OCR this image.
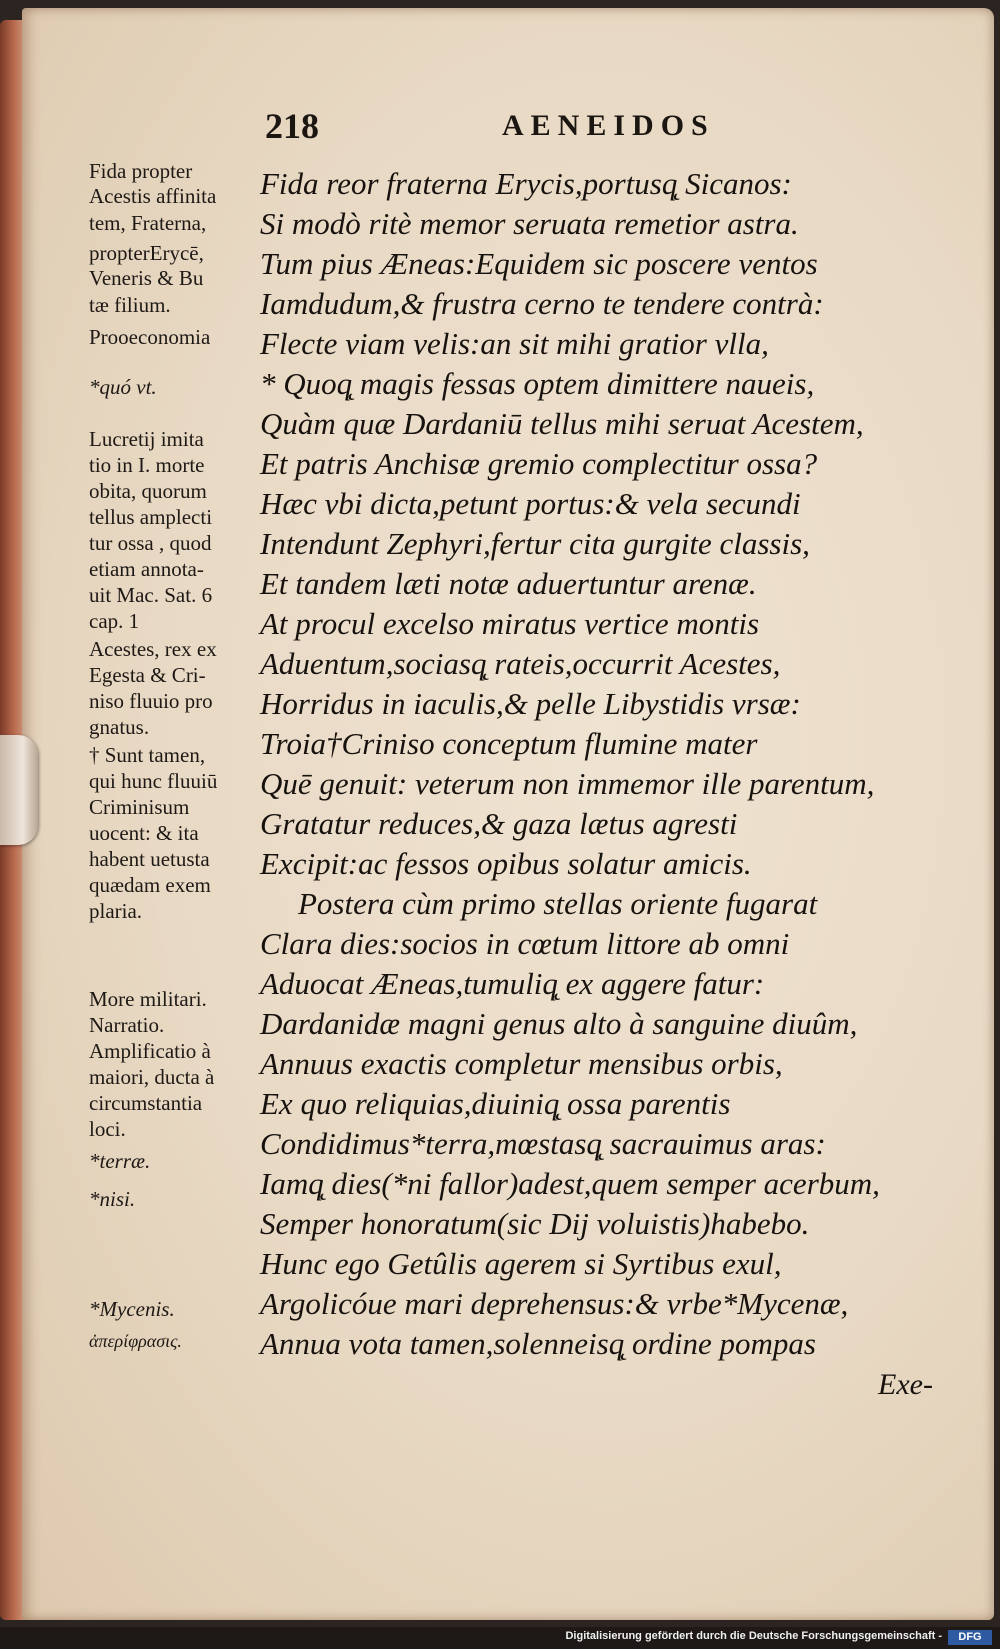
218	AENEIDOS
Fida propter
Acestis affinita
tem, Fraterna,
propterErycē,
Veneris & Bu
tæ filium.
Prooeconomia
*quó vt.
Lucretij imita
tio in I. morte
obita, quorum
tellus amplecti
tur ossa , quod
etiam annota-
uit Mac. Sat. 6
cap. 1
Acestes, rex ex
Egesta & Cri-
niso fluuio pro
gnatus.
† Sunt tamen,
qui hunc fluuiū
Criminisum
uocent: & ita
habent uetusta
quædam exem
plaria.
More militari.
Narratio.
Amplificatio à
maiori, ducta à
circumstantia
loci.
*terræ.
*nisi.
*Mycenis.
ἀπερίφρασις.
Fida reor fraterna Erycis,portusq̨ Sicanos:
Si modò ritè memor seruata remetior astra.
Tum pius Æneas:Equidem sic poscere ventos
Iamdudum,& frustra cerno te tendere contrà:
Flecte viam velis:an sit mihi gratior vlla,
* Quoq̨ magis fessas optem dimittere naueis,
Quàm quæ Dardaniū tellus mihi seruat Acestem,
Et patris Anchisæ gremio complectitur ossa?
Hæc vbi dicta,petunt portus:& vela secundi
Intendunt Zephyri,fertur cita gurgite classis,
Et tandem læti notæ aduertuntur arenæ.
At procul excelso miratus vertice montis
Aduentum,sociasq̨ rateis,occurrit Acestes,
Horridus in iaculis,& pelle Libystidis vrsæ:
Troia†Criniso conceptum flumine mater
Quē genuit: veterum non immemor ille parentum,
Gratatur reduces,& gaza lætus agresti
Excipit:ac fessos opibus solatur amicis.
Postera cùm primo stellas oriente fugarat
Clara dies:socios in cœtum littore ab omni
Aduocat Æneas,tumuliq̨ ex aggere fatur:
Dardanidæ magni genus alto à sanguine diuûm,
Annuus exactis completur mensibus orbis,
Ex quo reliquias,diuiniq̨ ossa parentis
Condidimus*terra,mœstasq̨ sacrauimus aras:
Iamq̨ dies(*ni fallor)adest,quem semper acerbum,
Semper honoratum(sic Dij voluistis)habebo.
Hunc ego Getûlis agerem si Syrtibus exul,
Argolicóue mari deprehensus:& vrbe*Mycenæ,
Annua vota tamen,solenneisq̨ ordine pompas
Exe-
Digitalisierung gefördert durch die Deutsche Forschungsgemeinschaft -	DFG
